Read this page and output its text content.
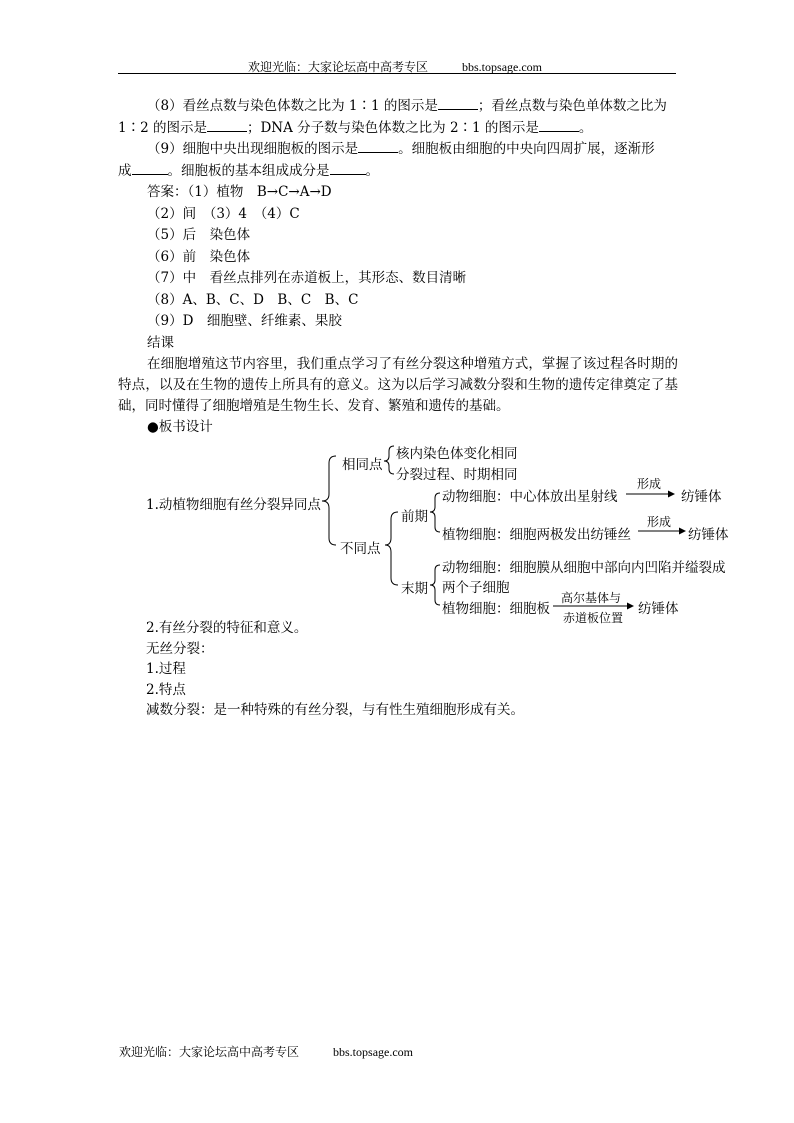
欢迎光临：大家论坛高中高考专区	bbs.topsage.com
（8）看丝点数与染色体数之比为 1∶1 的图示是	；看丝点数与染色单体数之比为
1∶2 的图示是	；DNA 分子数与染色体数之比为 2∶1 的图示是	。
（9）细胞中央出现细胞板的图示是	。细胞板由细胞的中央向四周扩展，逐渐形
成	。细胞板的基本组成成分是	。
答案：（1）植物　B→C→A→D
（2）间　（3）4　（4）C
（5）后　染色体
（6）前　染色体
（7）中　看丝点排列在赤道板上，其形态、数目清晰
（8）A、B、C、D　B、C　B、C
（9）D　细胞壁、纤维素、果胶
结课
在细胞增殖这节内容里，我们重点学习了有丝分裂这种增殖方式，掌握了该过程各时期的特点，以及在生物的遗传上所具有的意义。这为以后学习减数分裂和生物的遗传定律奠定了基础，同时懂得了细胞增殖是生物生长、发育、繁殖和遗传的基础。
●板书设计
1.动植物细胞有丝分裂异同点
相同点
核内染色体变化相同
分裂过程、时期相同
不同点
前期
动物细胞：中心体放出星射线
形成
纺锤体
植物细胞：细胞两极发出纺锤丝
形成
纺锤体
末期
动物细胞：细胞膜从细胞中部向内凹陷并缢裂成
两个子细胞
植物细胞：细胞板
高尔基体与
赤道板位置
纺锤体
2.有丝分裂的特征和意义。
无丝分裂：
1.过程
2.特点
减数分裂：是一种特殊的有丝分裂，与有性生殖细胞形成有关。
欢迎光临：大家论坛高中高考专区	bbs.topsage.com
